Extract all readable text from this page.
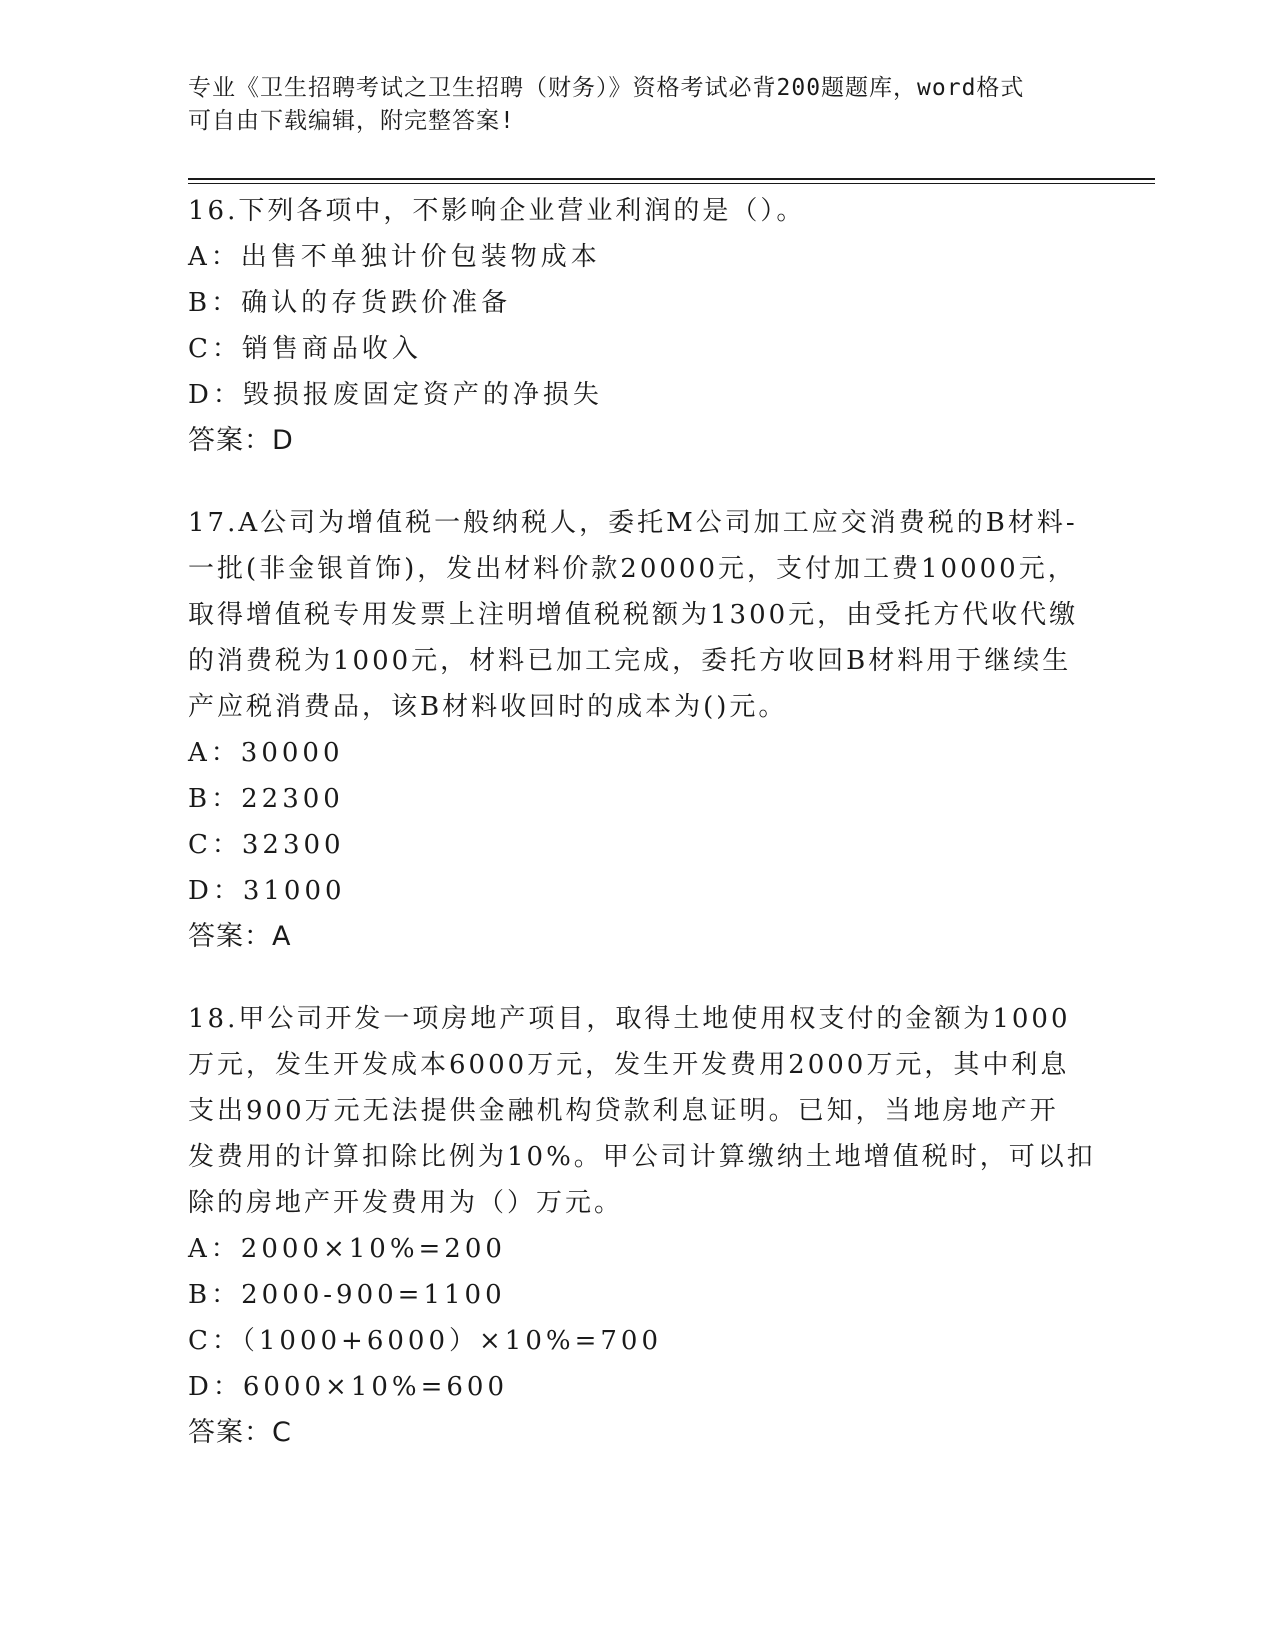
专业《卫生招聘考试之卫生招聘（财务）》资格考试必背200题题库，word格式
可自由下载编辑，附完整答案!
16.下列各项中，不影响企业营业利润的是（）。
A：出售不单独计价包装物成本
B：确认的存货跌价准备
C：销售商品收入
D：毁损报废固定资产的净损失
答案：D
17.A公司为增值税一般纳税人，委托M公司加工应交消费税的B材料-
一批(非金银首饰)，发出材料价款20000元，支付加工费10000元，
取得增值税专用发票上注明增值税税额为1300元，由受托方代收代缴
的消费税为1000元，材料已加工完成，委托方收回B材料用于继续生
产应税消费品，该B材料收回时的成本为()元。
A：30000
B：22300
C：32300
D：31000
答案：A
18.甲公司开发一项房地产项目，取得土地使用权支付的金额为1000
万元，发生开发成本6000万元，发生开发费用2000万元，其中利息
支出900万元无法提供金融机构贷款利息证明。已知，当地房地产开
发费用的计算扣除比例为10%。甲公司计算缴纳土地增值税时，可以扣
除的房地产开发费用为（）万元。
A：2000×10%=200
B：2000-900=1100
C：（1000+6000）×10%=700
D：6000×10%=600
答案：C
